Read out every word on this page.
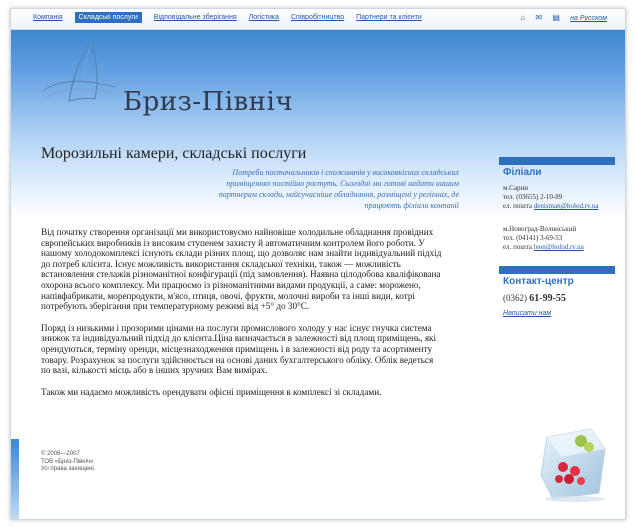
Компанія Складські послуги Відповідальне зберігання Логістика Співробітництво Партнери та клієнти	⌂ ✉ ▤ на Русском
Бриз-Північ
Морозильні камери, складські послуги
Потреби постачальників і споживачів у високоякісних складських приміщеннях постійно ростуть. Сьогодні ми готові надати нашим партнерам склади, найсучасніше обладнання, розміщені у регіонах, де працюють філіали компанії

Від початку створення організації ми використовуємо найновіше холодильне обладнання провідних європейських виробників із високим ступенем захисту й автоматичним контролем його роботи. У нашому холодокомплексі існують склади різних площ, що дозволяє нам знайти індивідуальний підхід до потреб клієнта. Існує можливість використання складської техніки, також — можливість встановлення стелажів різноманітної конфігурації (під замовлення). Наявна цілодобова кваліфікована охорона всього комплексу. Ми працюємо із різноманітними видами продукції, а саме: морожено, напівфабрикати, морепродукти, м'ясо, птиця, овочі, фрукти, молочні вироби та інші види, котрі потребують зберігання при температурному режимі від +5° до 30°С.

Поряд із низькими і прозорими цінами на послуги промислового холоду у нас існує гнучка система знижок та індивідуальний підхід до клієнта.Ціна визначається в залежності від площ приміщень, які орендуються, терміну оренди, місцезнаходження приміщень і в залежності від роду та асортименту товару. Розрахунок за послуги здійснюється на основі даних бухгалтерського обліку. Облік ведеться по вазі, кількості місць або в інших зручних Вам вимірах.

Також ми надаємо можливість орендувати офісні приміщення в комплексі зі складами.

Філіали
м.Сарни
тел. (03655) 2-10-89
ел. пошта denisman@holod.rv.ua
м.Новоград-Волинський
тел. (04141) 3-69-53
ел. пошта leon@holod.rv.ua
Контакт-центр
(0362) 61-99-55
Написати нам
© 2006—2007
ТОВ «Бриз-Північ»
Усі права захищені.
